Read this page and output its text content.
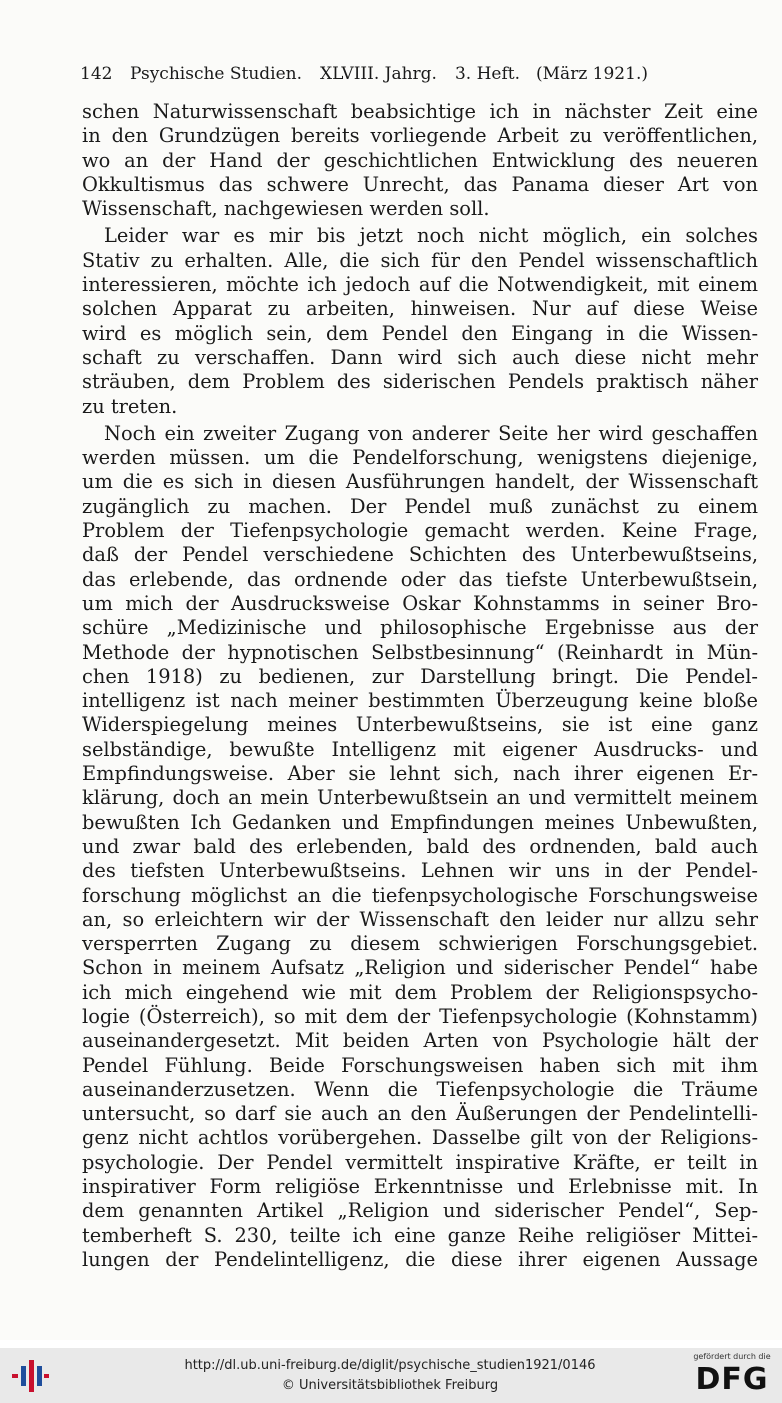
142 Psychische Studien. XLVIII. Jahrg. 3. Heft. (März 1921.)
schen Naturwissenschaft beabsichtige ich in nächster Zeit eine
in den Grundzügen bereits vorliegende Arbeit zu veröffentlichen,
wo an der Hand der geschichtlichen Entwicklung des neueren
Okkultismus das schwere Unrecht, das Panama dieser Art von
Wissenschaft, nachgewiesen werden soll.
Leider war es mir bis jetzt noch nicht möglich, ein solches
Stativ zu erhalten. Alle, die sich für den Pendel wissenschaftlich
interessieren, möchte ich jedoch auf die Notwendigkeit, mit einem
solchen Apparat zu arbeiten, hinweisen. Nur auf diese Weise
wird es möglich sein, dem Pendel den Eingang in die Wissen-
schaft zu verschaffen. Dann wird sich auch diese nicht mehr
sträuben, dem Problem des siderischen Pendels praktisch näher
zu treten.
Noch ein zweiter Zugang von anderer Seite her wird geschaffen
werden müssen. um die Pendelforschung, wenigstens diejenige,
um die es sich in diesen Ausführungen handelt, der Wissenschaft
zugänglich zu machen. Der Pendel muß zunächst zu einem
Problem der Tiefenpsychologie gemacht werden. Keine Frage,
daß der Pendel verschiedene Schichten des Unterbewußtseins,
das erlebende, das ordnende oder das tiefste Unterbewußtsein,
um mich der Ausdrucksweise Oskar Kohnstamms in seiner Bro-
schüre „Medizinische und philosophische Ergebnisse aus der
Methode der hypnotischen Selbstbesinnung“ (Reinhardt in Mün-
chen 1918) zu bedienen, zur Darstellung bringt. Die Pendel-
intelligenz ist nach meiner bestimmten Überzeugung keine bloße
Widerspiegelung meines Unterbewußtseins, sie ist eine ganz
selbständige, bewußte Intelligenz mit eigener Ausdrucks- und
Empfindungsweise. Aber sie lehnt sich, nach ihrer eigenen Er-
klärung, doch an mein Unterbewußtsein an und vermittelt meinem
bewußten Ich Gedanken und Empfindungen meines Unbewußten,
und zwar bald des erlebenden, bald des ordnenden, bald auch
des tiefsten Unterbewußtseins. Lehnen wir uns in der Pendel-
forschung möglichst an die tiefenpsychologische Forschungsweise
an, so erleichtern wir der Wissenschaft den leider nur allzu sehr
versperrten Zugang zu diesem schwierigen Forschungsgebiet.
Schon in meinem Aufsatz „Religion und siderischer Pendel“ habe
ich mich eingehend wie mit dem Problem der Religionspsycho-
logie (Österreich), so mit dem der Tiefenpsychologie (Kohnstamm)
auseinandergesetzt. Mit beiden Arten von Psychologie hält der
Pendel Fühlung. Beide Forschungsweisen haben sich mit ihm
auseinanderzusetzen. Wenn die Tiefenpsychologie die Träume
untersucht, so darf sie auch an den Äußerungen der Pendelintelli-
genz nicht achtlos vorübergehen. Dasselbe gilt von der Religions-
psychologie. Der Pendel vermittelt inspirative Kräfte, er teilt in
inspirativer Form religiöse Erkenntnisse und Erlebnisse mit. In
dem genannten Artikel „Religion und siderischer Pendel“, Sep-
temberheft S. 230, teilte ich eine ganze Reihe religiöser Mittei-
lungen der Pendelintelligenz, die diese ihrer eigenen Aussage
http://dl.ub.uni-freiburg.de/diglit/psychische_studien1921/0146
© Universitätsbibliothek Freiburg
gefördert durch die
DFG
